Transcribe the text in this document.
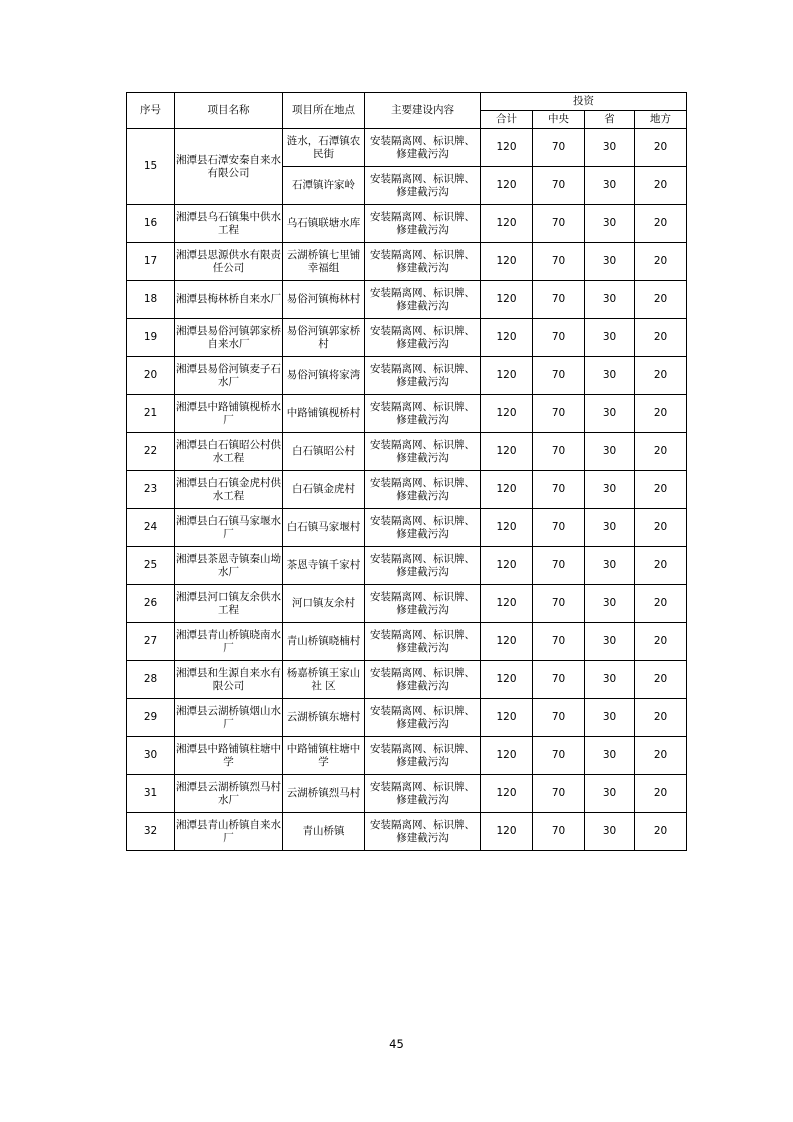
序号	项目名称	项目所在地点	主要建设内容	投资			
				合计	中央	省	地方
15	湘潭县石潭安秦自来水有限公司	涟水，石潭镇农民街	安装隔离网、标识牌、修建截污沟	120	70	30	20
		石潭镇许家岭	安装隔离网、标识牌、修建截污沟	120	70	30	20
16	湘潭县乌石镇集中供水工程	乌石镇联塘水库	安装隔离网、标识牌、修建截污沟	120	70	30	20
17	湘潭县思源供水有限责任公司	云湖桥镇七里铺幸福组	安装隔离网、标识牌、修建截污沟	120	70	30	20
18	湘潭县梅林桥自来水厂	易俗河镇梅林村	安装隔离网、标识牌、修建截污沟	120	70	30	20
19	湘潭县易俗河镇郭家桥自来水厂	易俗河镇郭家桥村	安装隔离网、标识牌、修建截污沟	120	70	30	20
20	湘潭县易俗河镇麦子石水厂	易俗河镇将家湾	安装隔离网、标识牌、修建截污沟	120	70	30	20
21	湘潭县中路铺镇枧桥水厂	中路铺镇枧桥村	安装隔离网、标识牌、修建截污沟	120	70	30	20
22	湘潭县白石镇昭公村供水工程	白石镇昭公村	安装隔离网、标识牌、修建截污沟	120	70	30	20
23	湘潭县白石镇金虎村供水工程	白石镇金虎村	安装隔离网、标识牌、修建截污沟	120	70	30	20
24	湘潭县白石镇马家堰水厂	白石镇马家堰村	安装隔离网、标识牌、修建截污沟	120	70	30	20
25	湘潭县茶恩寺镇秦山坳水厂	茶恩寺镇千家村	安装隔离网、标识牌、修建截污沟	120	70	30	20
26	湘潭县河口镇友余供水工程	河口镇友余村	安装隔离网、标识牌、修建截污沟	120	70	30	20
27	湘潭县青山桥镇晓南水厂	青山桥镇晓楠村	安装隔离网、标识牌、修建截污沟	120	70	30	20
28	湘潭县和生源自来水有限公司	杨嘉桥镇王家山社 区	安装隔离网、标识牌、修建截污沟	120	70	30	20
29	湘潭县云湖桥镇烟山水厂	云湖桥镇东塘村	安装隔离网、标识牌、修建截污沟	120	70	30	20
30	湘潭县中路铺镇柱塘中学	中路铺镇柱塘中学	安装隔离网、标识牌、修建截污沟	120	70	30	20
31	湘潭县云湖桥镇烈马村水厂	云湖桥镇烈马村	安装隔离网、标识牌、修建截污沟	120	70	30	20
32	湘潭县青山桥镇自来水厂	青山桥镇	安装隔离网、标识牌、修建截污沟	120	70	30	20
45
